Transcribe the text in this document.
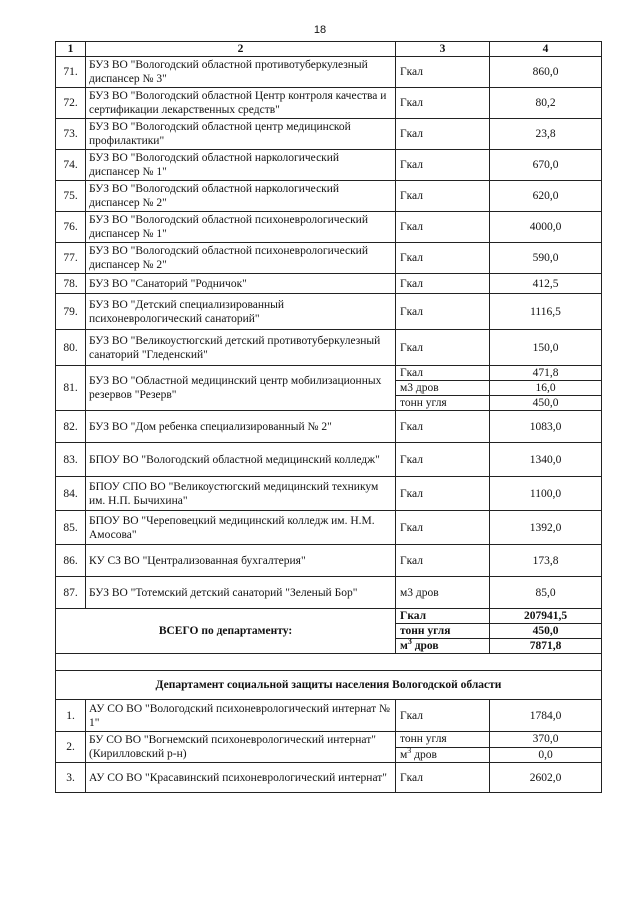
18
1	2	3	4
71.	БУЗ ВО "Вологодский областной противотуберкулезный диспансер № 3"	Гкал	860,0
72.	БУЗ ВО "Вологодский областной Центр контроля качества и сертификации лекарственных средств"	Гкал	80,2
73.	БУЗ ВО "Вологодский областной центр медицинской профилактики"	Гкал	23,8
74.	БУЗ ВО "Вологодский областной наркологический диспансер № 1"	Гкал	670,0
75.	БУЗ ВО "Вологодский областной наркологический диспансер № 2"	Гкал	620,0
76.	БУЗ ВО "Вологодский областной психоневрологический диспансер № 1"	Гкал	4000,0
77.	БУЗ ВО "Вологодский областной психоневрологический диспансер № 2"	Гкал	590,0
78.	БУЗ ВО "Санаторий "Родничок"	Гкал	412,5
79.	БУЗ ВО "Детский специализированный психоневрологический санаторий"	Гкал	1116,5
80.	БУЗ ВО "Великоустюгский детский противотуберкулезный санаторий "Гледенский"	Гкал	150,0
81.	БУЗ ВО "Областной медицинский центр мобилизационных резервов "Резерв"	Гкал	471,8
		м3 дров	16,0
		тонн угля	450,0
82.	БУЗ ВО "Дом ребенка специализированный № 2"	Гкал	1083,0
83.	БПОУ ВО "Вологодский областной медицинский колледж"	Гкал	1340,0
84.	БПОУ СПО ВО "Великоустюгский медицинский техникум им. Н.П. Бычихина"	Гкал	1100,0
85.	БПОУ ВО "Череповецкий медицинский колледж им. Н.М. Амосова"	Гкал	1392,0
86.	КУ СЗ ВО "Централизованная бухгалтерия"	Гкал	173,8
87.	БУЗ ВО "Тотемский детский санаторий "Зеленый Бор"	м3 дров	85,0
ВСЕГО по департаменту:		Гкал	207941,5
		тонн угля	450,0
		$м^3$ дров	7871,8

Департамент социальной защиты населения Вологодской области			
1.	АУ СО ВО "Вологодский психоневрологический интернат № 1"	Гкал	1784,0
2.	БУ СО ВО "Вогнемский психоневрологический интернат" (Кирилловский р-н)	тонн угля	370,0
		$м^3$ дров	0,0
3.	АУ СО ВО "Красавинский психоневрологический интернат"	Гкал	2602,0
